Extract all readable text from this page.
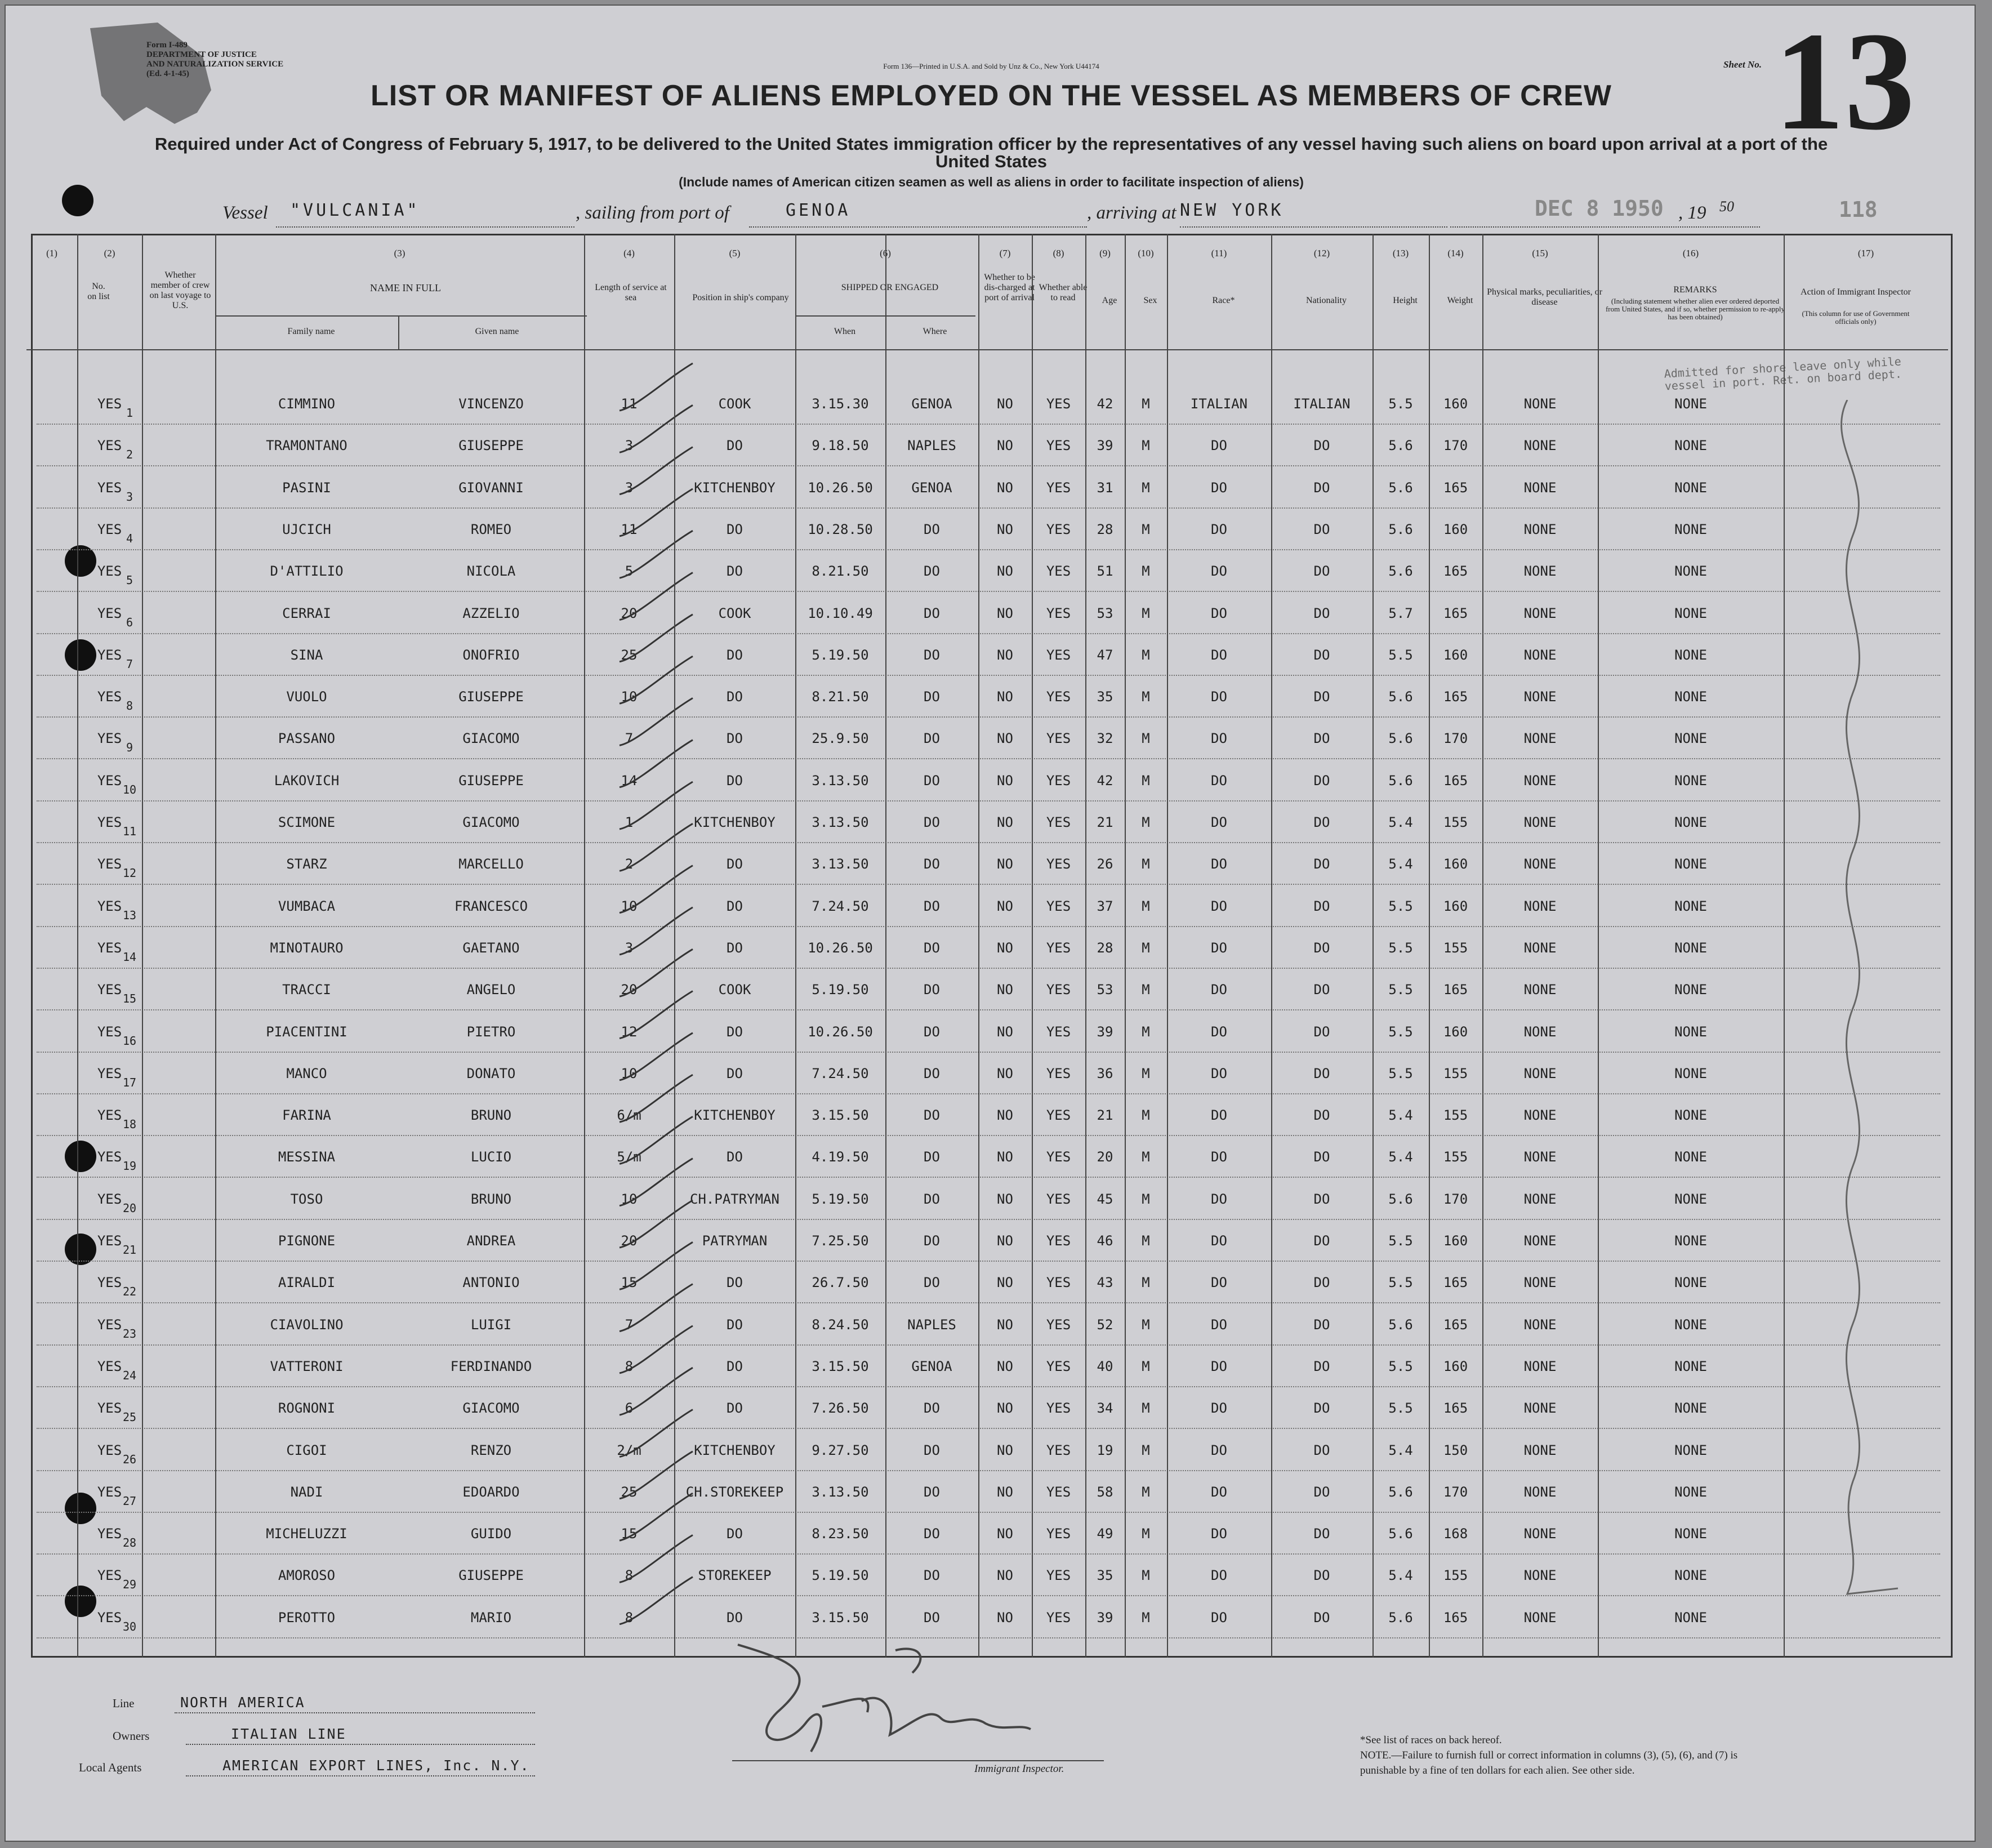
Form I-489
DEPARTMENT OF JUSTICE
AND NATURALIZATION SERVICE
(Ed. 4-1-45)
Form 136—Printed in U.S.A. and Sold by Unz & Co., New York U44174	Sheet No. 13
LIST OR MANIFEST OF ALIENS EMPLOYED ON THE VESSEL AS MEMBERS OF CREW
Required under Act of Congress of February 5, 1917, to be delivered to the United States immigration officer by the representatives of any vessel having such aliens on board upon arrival at a port of the United States
(Include names of American citizen seamen as well as aliens in order to facilitate inspection of aliens)
Vessel "VULCANIA"	, sailing from port of	GENOA	, arriving at NEW YORK	DEC 8 1950 , 19 50	118
No. on list
Whether member of crew on last voyage to U.S.
NAME IN FULL
Family name	Given name
Length of service at sea	Position in ship's company
SHIPPED OR ENGAGED
When	Where
Whether to be dis-charged at port of arrival
Whether able to read	Age	Sex	Race*	Nationality	Height	Weight
Physical marks, peculiarities, or disease
REMARKS
(Including statement whether alien ever ordered deported from United States, and if so, whether permission to re-apply has been obtained)
Action of Immigrant Inspector
(This column for use of Government officials only)
(1)	(2)	(3)	(4)	(5)	(6)	(7)	(8)	(9)	(10)	(11)	(12)	(13)	(14)	(15)	(16)	(17)
1
YES	CIMMINO	VINCENZO	11	COOK	3.15.30	GENOA	NO	YES	42	M	ITALIAN	ITALIAN	5.5	160	NONE	NONE
2
YES	TRAMONTANO	GIUSEPPE	3	DO	9.18.50	NAPLES	NO	YES	39	M	DO	DO	5.6	170	NONE	NONE
3
YES	PASINI	GIOVANNI	3	KITCHENBOY	10.26.50	GENOA	NO	YES	31	M	DO	DO	5.6	165	NONE	NONE
4
YES	UJCICH	ROMEO	11	DO	10.28.50	DO	NO	YES	28	M	DO	DO	5.6	160	NONE	NONE
5
YES	D'ATTILIO	NICOLA	5	DO	8.21.50	DO	NO	YES	51	M	DO	DO	5.6	165	NONE	NONE
6
YES	CERRAI	AZZELIO	20	COOK	10.10.49	DO	NO	YES	53	M	DO	DO	5.7	165	NONE	NONE
7
YES	SINA	ONOFRIO	25	DO	5.19.50	DO	NO	YES	47	M	DO	DO	5.5	160	NONE	NONE
8
YES	VUOLO	GIUSEPPE	10	DO	8.21.50	DO	NO	YES	35	M	DO	DO	5.6	165	NONE	NONE
9
YES	PASSANO	GIACOMO	7	DO	25.9.50	DO	NO	YES	32	M	DO	DO	5.6	170	NONE	NONE
10
YES	LAKOVICH	GIUSEPPE	14	DO	3.13.50	DO	NO	YES	42	M	DO	DO	5.6	165	NONE	NONE
11
YES	SCIMONE	GIACOMO	1	KITCHENBOY	3.13.50	DO	NO	YES	21	M	DO	DO	5.4	155	NONE	NONE
12
YES	STARZ	MARCELLO	2	DO	3.13.50	DO	NO	YES	26	M	DO	DO	5.4	160	NONE	NONE
13
YES	VUMBACA	FRANCESCO	10	DO	7.24.50	DO	NO	YES	37	M	DO	DO	5.5	160	NONE	NONE
14
YES	MINOTAURO	GAETANO	3	DO	10.26.50	DO	NO	YES	28	M	DO	DO	5.5	155	NONE	NONE
15
YES	TRACCI	ANGELO	20	COOK	5.19.50	DO	NO	YES	53	M	DO	DO	5.5	165	NONE	NONE
16
YES	PIACENTINI	PIETRO	12	DO	10.26.50	DO	NO	YES	39	M	DO	DO	5.5	160	NONE	NONE
17
YES	MANCO	DONATO	10	DO	7.24.50	DO	NO	YES	36	M	DO	DO	5.5	155	NONE	NONE
18
YES	FARINA	BRUNO	6/m	KITCHENBOY	3.15.50	DO	NO	YES	21	M	DO	DO	5.4	155	NONE	NONE
19
YES	MESSINA	LUCIO	5/m	DO	4.19.50	DO	NO	YES	20	M	DO	DO	5.4	155	NONE	NONE
20
YES	TOSO	BRUNO	10	CH.PATRYMAN	5.19.50	DO	NO	YES	45	M	DO	DO	5.6	170	NONE	NONE
21
YES	PIGNONE	ANDREA	20	PATRYMAN	7.25.50	DO	NO	YES	46	M	DO	DO	5.5	160	NONE	NONE
22
YES	AIRALDI	ANTONIO	15	DO	26.7.50	DO	NO	YES	43	M	DO	DO	5.5	165	NONE	NONE
23
YES	CIAVOLINO	LUIGI	7	DO	8.24.50	NAPLES	NO	YES	52	M	DO	DO	5.6	165	NONE	NONE
24
YES	VATTERONI	FERDINANDO	8	DO	3.15.50	GENOA	NO	YES	40	M	DO	DO	5.5	160	NONE	NONE
25
YES	ROGNONI	GIACOMO	6	DO	7.26.50	DO	NO	YES	34	M	DO	DO	5.5	165	NONE	NONE
26
YES	CIGOI	RENZO	2/m	KITCHENBOY	9.27.50	DO	NO	YES	19	M	DO	DO	5.4	150	NONE	NONE
27
YES	NADI	EDOARDO	25	CH.STOREKEEP	3.13.50	DO	NO	YES	58	M	DO	DO	5.6	170	NONE	NONE
28
YES	MICHELUZZI	GUIDO	15	DO	8.23.50	DO	NO	YES	49	M	DO	DO	5.6	168	NONE	NONE
29
YES	AMOROSO	GIUSEPPE	8	STOREKEEP	5.19.50	DO	NO	YES	35	M	DO	DO	5.4	155	NONE	NONE
30
YES	PEROTTO	MARIO	8	DO	3.15.50	DO	NO	YES	39	M	DO	DO	5.6	165	NONE	NONE
Admitted for shore leave only while vessel in port. Ret. on board dept.
Line	NORTH AMERICA
Owners	ITALIAN LINE
Local Agents	AMERICAN EXPORT LINES, Inc. N.Y.	Immigrant Inspector.
*See list of races on back hereof.
NOTE.—Failure to furnish full or correct information in columns (3), (5), (6), and (7) is punishable by a fine of ten dollars for each alien. See other side.
